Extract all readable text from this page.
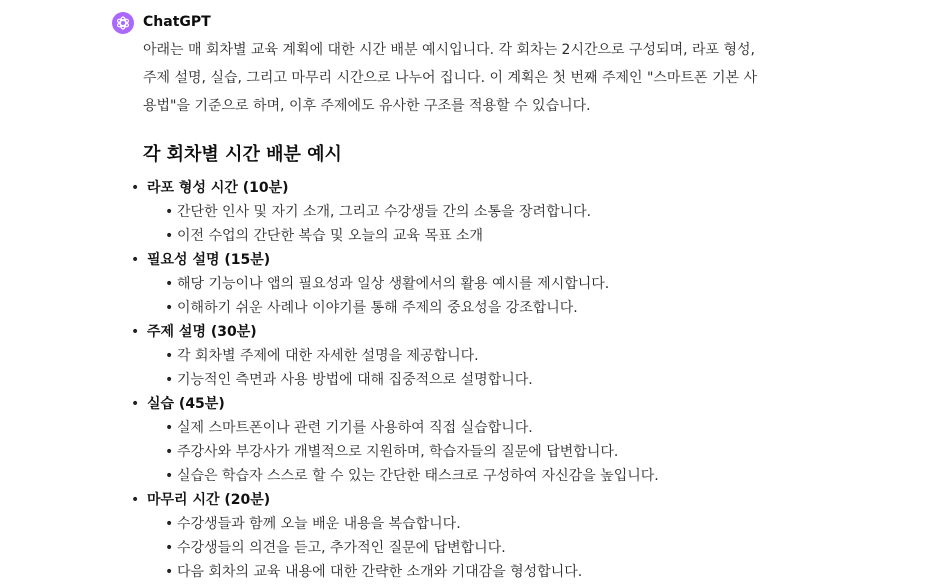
ChatGPT

아래는 매 회차별 교육 계획에 대한 시간 배분 예시입니다. 각 회차는 2시간으로 구성되며, 라포 형성,
주제 설명, 실습, 그리고 마무리 시간으로 나누어 집니다. 이 계획은 첫 번째 주제인 "스마트폰 기본 사
용법"을 기준으로 하며, 이후 주제에도 유사한 구조를 적용할 수 있습니다.

각 회차별 시간 배분 예시
• 라포 형성 시간 (10분)
• 간단한 인사 및 자기 소개, 그리고 수강생들 간의 소통을 장려합니다.
• 이전 수업의 간단한 복습 및 오늘의 교육 목표 소개
• 필요성 설명 (15분)
• 해당 기능이나 앱의 필요성과 일상 생활에서의 활용 예시를 제시합니다.
• 이해하기 쉬운 사례나 이야기를 통해 주제의 중요성을 강조합니다.
• 주제 설명 (30분)
• 각 회차별 주제에 대한 자세한 설명을 제공합니다.
• 기능적인 측면과 사용 방법에 대해 집중적으로 설명합니다.
• 실습 (45분)
• 실제 스마트폰이나 관련 기기를 사용하여 직접 실습합니다.
• 주강사와 부강사가 개별적으로 지원하며, 학습자들의 질문에 답변합니다.
• 실습은 학습자 스스로 할 수 있는 간단한 태스크로 구성하여 자신감을 높입니다.
• 마무리 시간 (20분)
• 수강생들과 함께 오늘 배운 내용을 복습합니다.
• 수강생들의 의견을 듣고, 추가적인 질문에 답변합니다.
• 다음 회차의 교육 내용에 대한 간략한 소개와 기대감을 형성합니다.
